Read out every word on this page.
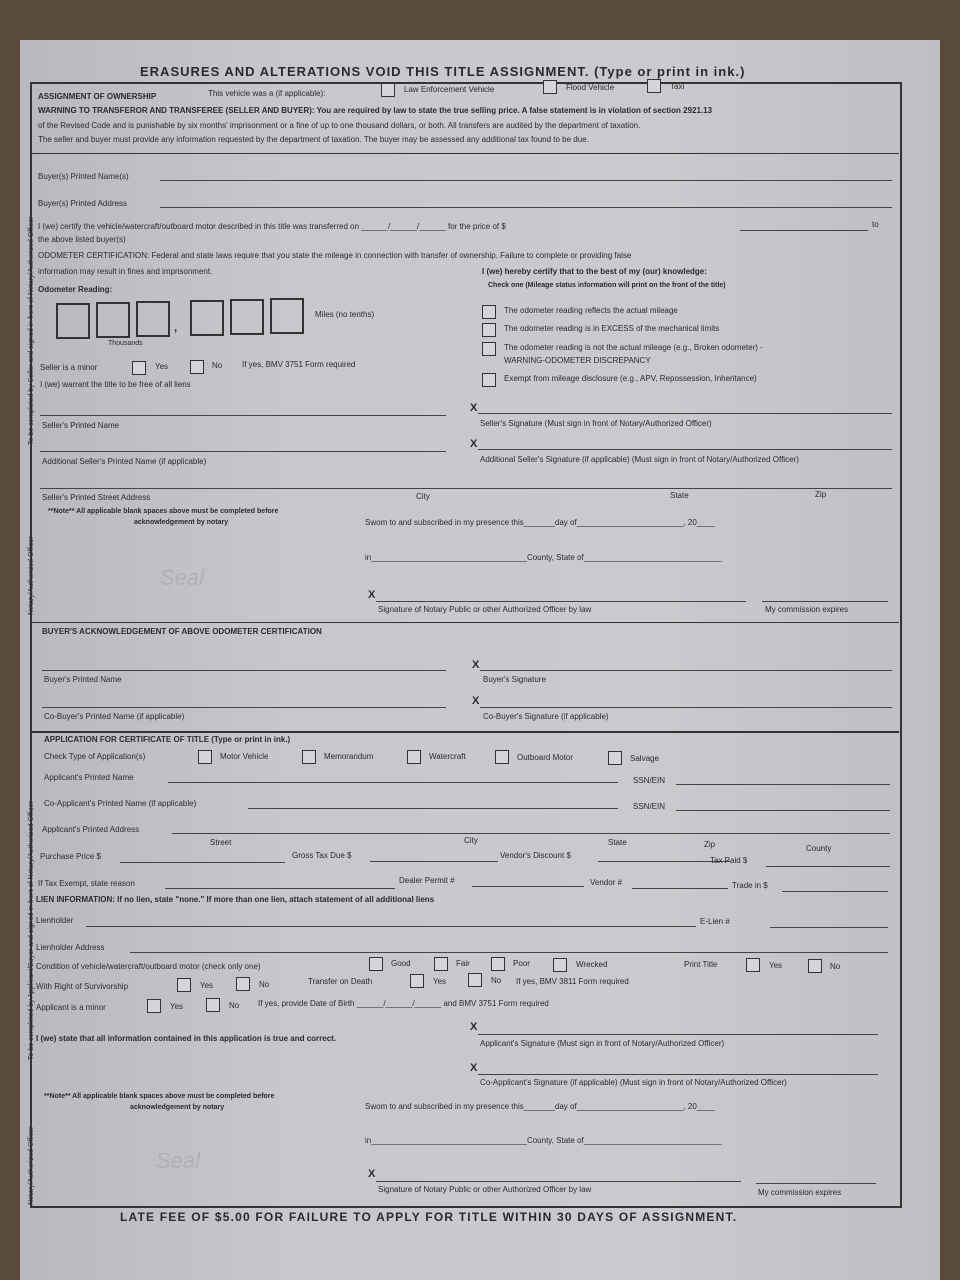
ERASURES AND ALTERATIONS VOID THIS TITLE ASSIGNMENT. (Type or print in ink.)
To be completed by Seller and signed in front of Notary/Authorized Officer
Notary/Authorized Officer
To be completed by Applicant/Buyer and signed in front of Notary/Authorized Officer
Notary/Authorized Officer
ASSIGNMENT OF OWNERSHIP	This vehicle was a (if applicable):	Law Enforcement Vehicle	Flood Vehicle	Taxi
WARNING TO TRANSFEROR AND TRANSFEREE (SELLER AND BUYER): You are required by law to state the true selling price. A false statement is in violation of section 2921.13
of the Revised Code and is punishable by six months' imprisonment or a fine of up to one thousand dollars, or both. All transfers are audited by the department of taxation.
The seller and buyer must provide any information requested by the department of taxation. The buyer may be assessed any additional tax found to be due.
Buyer(s) Printed Name(s)
Buyer(s) Printed Address
I (we) certify the vehicle/watercraft/outboard motor described in this title was transferred on ______/______/______ for the price of $	to
the above listed buyer(s)
ODOMETER CERTIFICATION: Federal and state laws require that you state the mileage in connection with transfer of ownership. Failure to complete or providing false
information may result in fines and imprisonment.
Odometer Reading:
,
Miles (no tenths)
Thousands
Seller is a minor	Yes	No If yes, BMV 3751 Form required
I (we) warrant the title to be free of all liens
I (we) hereby certify that to the best of my (our) knowledge:
Check one (Mileage status information will print on the front of the title)
The odometer reading reflects the actual mileage
The odometer reading is in EXCESS of the mechanical limits
The odometer reading is not the actual mileage (e.g., Broken odometer) -
WARNING-ODOMETER DISCREPANCY
Exempt from mileage disclosure (e.g., APV, Repossession, Inheritance)
Seller's Printed Name
X
Seller's Signature (Must sign in front of Notary/Authorized Officer)
Additional Seller's Printed Name (if applicable)
X
Additional Seller's Signature (if applicable) (Must sign in front of Notary/Authorized Officer)
Seller's Printed Street Address	City	State	Zip
**Note** All applicable blank spaces above must be completed before
acknowledgement by notary
Seal
Swom to and subscribed in my presence this_______day of________________________, 20____
in___________________________________County, State of_______________________________
X
Signature of Notary Public or other Authorized Officer by law	My commission expires
BUYER'S ACKNOWLEDGEMENT OF ABOVE ODOMETER CERTIFICATION
Buyer's Printed Name
X
Buyer's Signature
Co-Buyer's Printed Name (if applicable)
X
Co-Buyer's Signature (if applicable)
APPLICATION FOR CERTIFICATE OF TITLE (Type or print in ink.)
Check Type of Application(s)	Motor Vehicle	Memorandum	Watercraft	Outboard Motor	Salvage
Applicant's Printed Name	SSN/EIN
Co-Applicant's Printed Name (if applicable)	SSN/EIN
Applicant's Printed Address
Street	City	State	Zip	County
Purchase Price $	Gross Tax Due $	Vendor's Discount $
Tax Paid $
If Tax Exempt, state reason	Dealer Permit #	Vendor #	Trade in $
LIEN INFORMATION: If no lien, state "none." If more than one lien, attach statement of all additional liens
Lienholder	E-Lien #
Lienholder Address
Condition of vehicle/watercraft/outboard motor (check only one)	Good	Fair	Poor	Wrecked	Print Title	Yes	No
With Right of Survivorship	Yes	No	Transfer on Death	Yes	No If yes, BMV 3811 Form required
Applicant is a minor	Yes	No If yes, provide Date of Birth ______/______/______ and BMV 3751 Form required
I (we) state that all information contained in this application is true and correct.
X
Applicant's Signature (Must sign in front of Notary/Authorized Officer)
X
Co-Applicant's Signature (if applicable) (Must sign in front of Notary/Authorized Officer)
**Note** All applicable blank spaces above must be completed before
acknowledgement by notary
Seal
Swom to and subscribed in my presence this_______day of________________________, 20____
in___________________________________County, State of_______________________________
X
Signature of Notary Public or other Authorized Officer by law	My commission expires
LATE FEE OF $5.00 FOR FAILURE TO APPLY FOR TITLE WITHIN 30 DAYS OF ASSIGNMENT.
